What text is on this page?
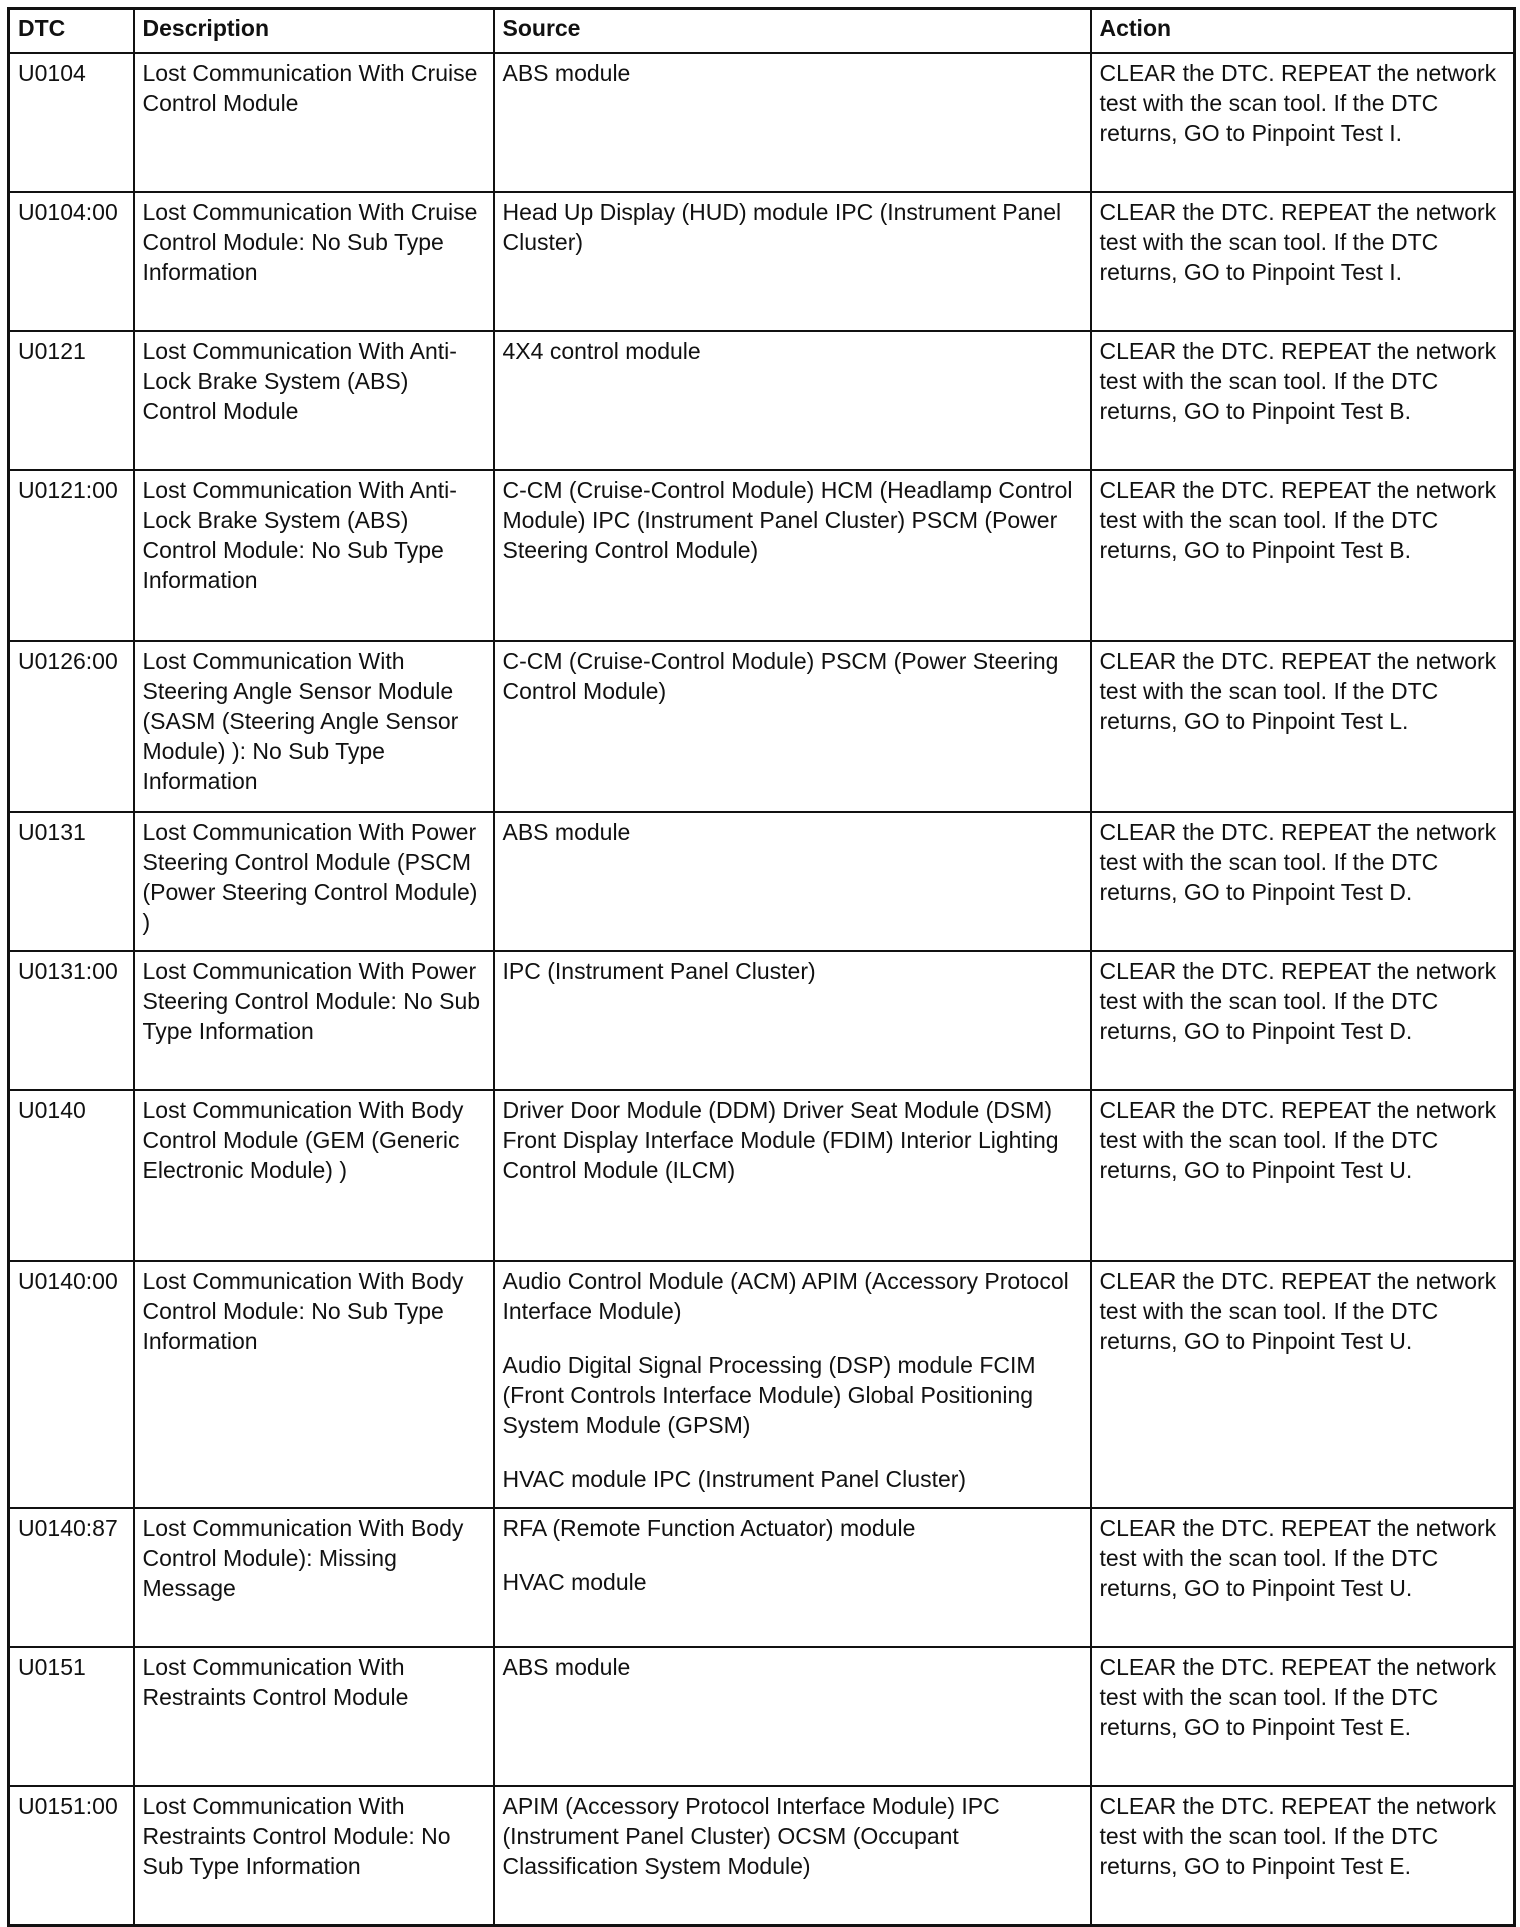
DTC	Description	Source	Action
U0104	Lost Communication With Cruise Control Module	ABS module	CLEAR the DTC. REPEAT the network test with the scan tool. If the DTC returns, GO to Pinpoint Test I.
U0104:00	Lost Communication With Cruise Control Module: No Sub Type Information	Head Up Display (HUD) module IPC (Instrument Panel Cluster)	CLEAR the DTC. REPEAT the network test with the scan tool. If the DTC returns, GO to Pinpoint Test I.
U0121	Lost Communication With Anti-Lock Brake System (ABS) Control Module	4X4 control module	CLEAR the DTC. REPEAT the network test with the scan tool. If the DTC returns, GO to Pinpoint Test B.
U0121:00	Lost Communication With Anti-Lock Brake System (ABS) Control Module: No Sub Type Information	C-CM (Cruise-Control Module) HCM (Headlamp Control Module) IPC (Instrument Panel Cluster) PSCM (Power Steering Control Module)	CLEAR the DTC. REPEAT the network test with the scan tool. If the DTC returns, GO to Pinpoint Test B.
U0126:00	Lost Communication With Steering Angle Sensor Module (SASM (Steering Angle Sensor Module) ): No Sub Type Information	C-CM (Cruise-Control Module) PSCM (Power Steering Control Module)	CLEAR the DTC. REPEAT the network test with the scan tool. If the DTC returns, GO to Pinpoint Test L.
U0131	Lost Communication With Power Steering Control Module (PSCM (Power Steering Control Module) )	ABS module	CLEAR the DTC. REPEAT the network test with the scan tool. If the DTC returns, GO to Pinpoint Test D.
U0131:00	Lost Communication With Power Steering Control Module: No Sub Type Information	IPC (Instrument Panel Cluster)	CLEAR the DTC. REPEAT the network test with the scan tool. If the DTC returns, GO to Pinpoint Test D.
U0140	Lost Communication With Body Control Module (GEM (Generic Electronic Module) )	Driver Door Module (DDM) Driver Seat Module (DSM) Front Display Interface Module (FDIM) Interior Lighting Control Module (ILCM)	CLEAR the DTC. REPEAT the network test with the scan tool. If the DTC returns, GO to Pinpoint Test U.
U0140:00	Lost Communication With Body Control Module: No Sub Type Information	Audio Control Module (ACM) APIM (Accessory Protocol Interface Module)
Audio Digital Signal Processing (DSP) module FCIM (Front Controls Interface Module) Global Positioning System Module (GPSM)
HVAC module IPC (Instrument Panel Cluster)	CLEAR the DTC. REPEAT the network test with the scan tool. If the DTC returns, GO to Pinpoint Test U.
U0140:87	Lost Communication With Body Control Module): Missing Message	RFA (Remote Function Actuator) module
HVAC module	CLEAR the DTC. REPEAT the network test with the scan tool. If the DTC returns, GO to Pinpoint Test U.
U0151	Lost Communication With Restraints Control Module	ABS module	CLEAR the DTC. REPEAT the network test with the scan tool. If the DTC returns, GO to Pinpoint Test E.
U0151:00	Lost Communication With Restraints Control Module: No Sub Type Information	APIM (Accessory Protocol Interface Module) IPC (Instrument Panel Cluster) OCSM (Occupant Classification System Module)	CLEAR the DTC. REPEAT the network test with the scan tool. If the DTC returns, GO to Pinpoint Test E.
